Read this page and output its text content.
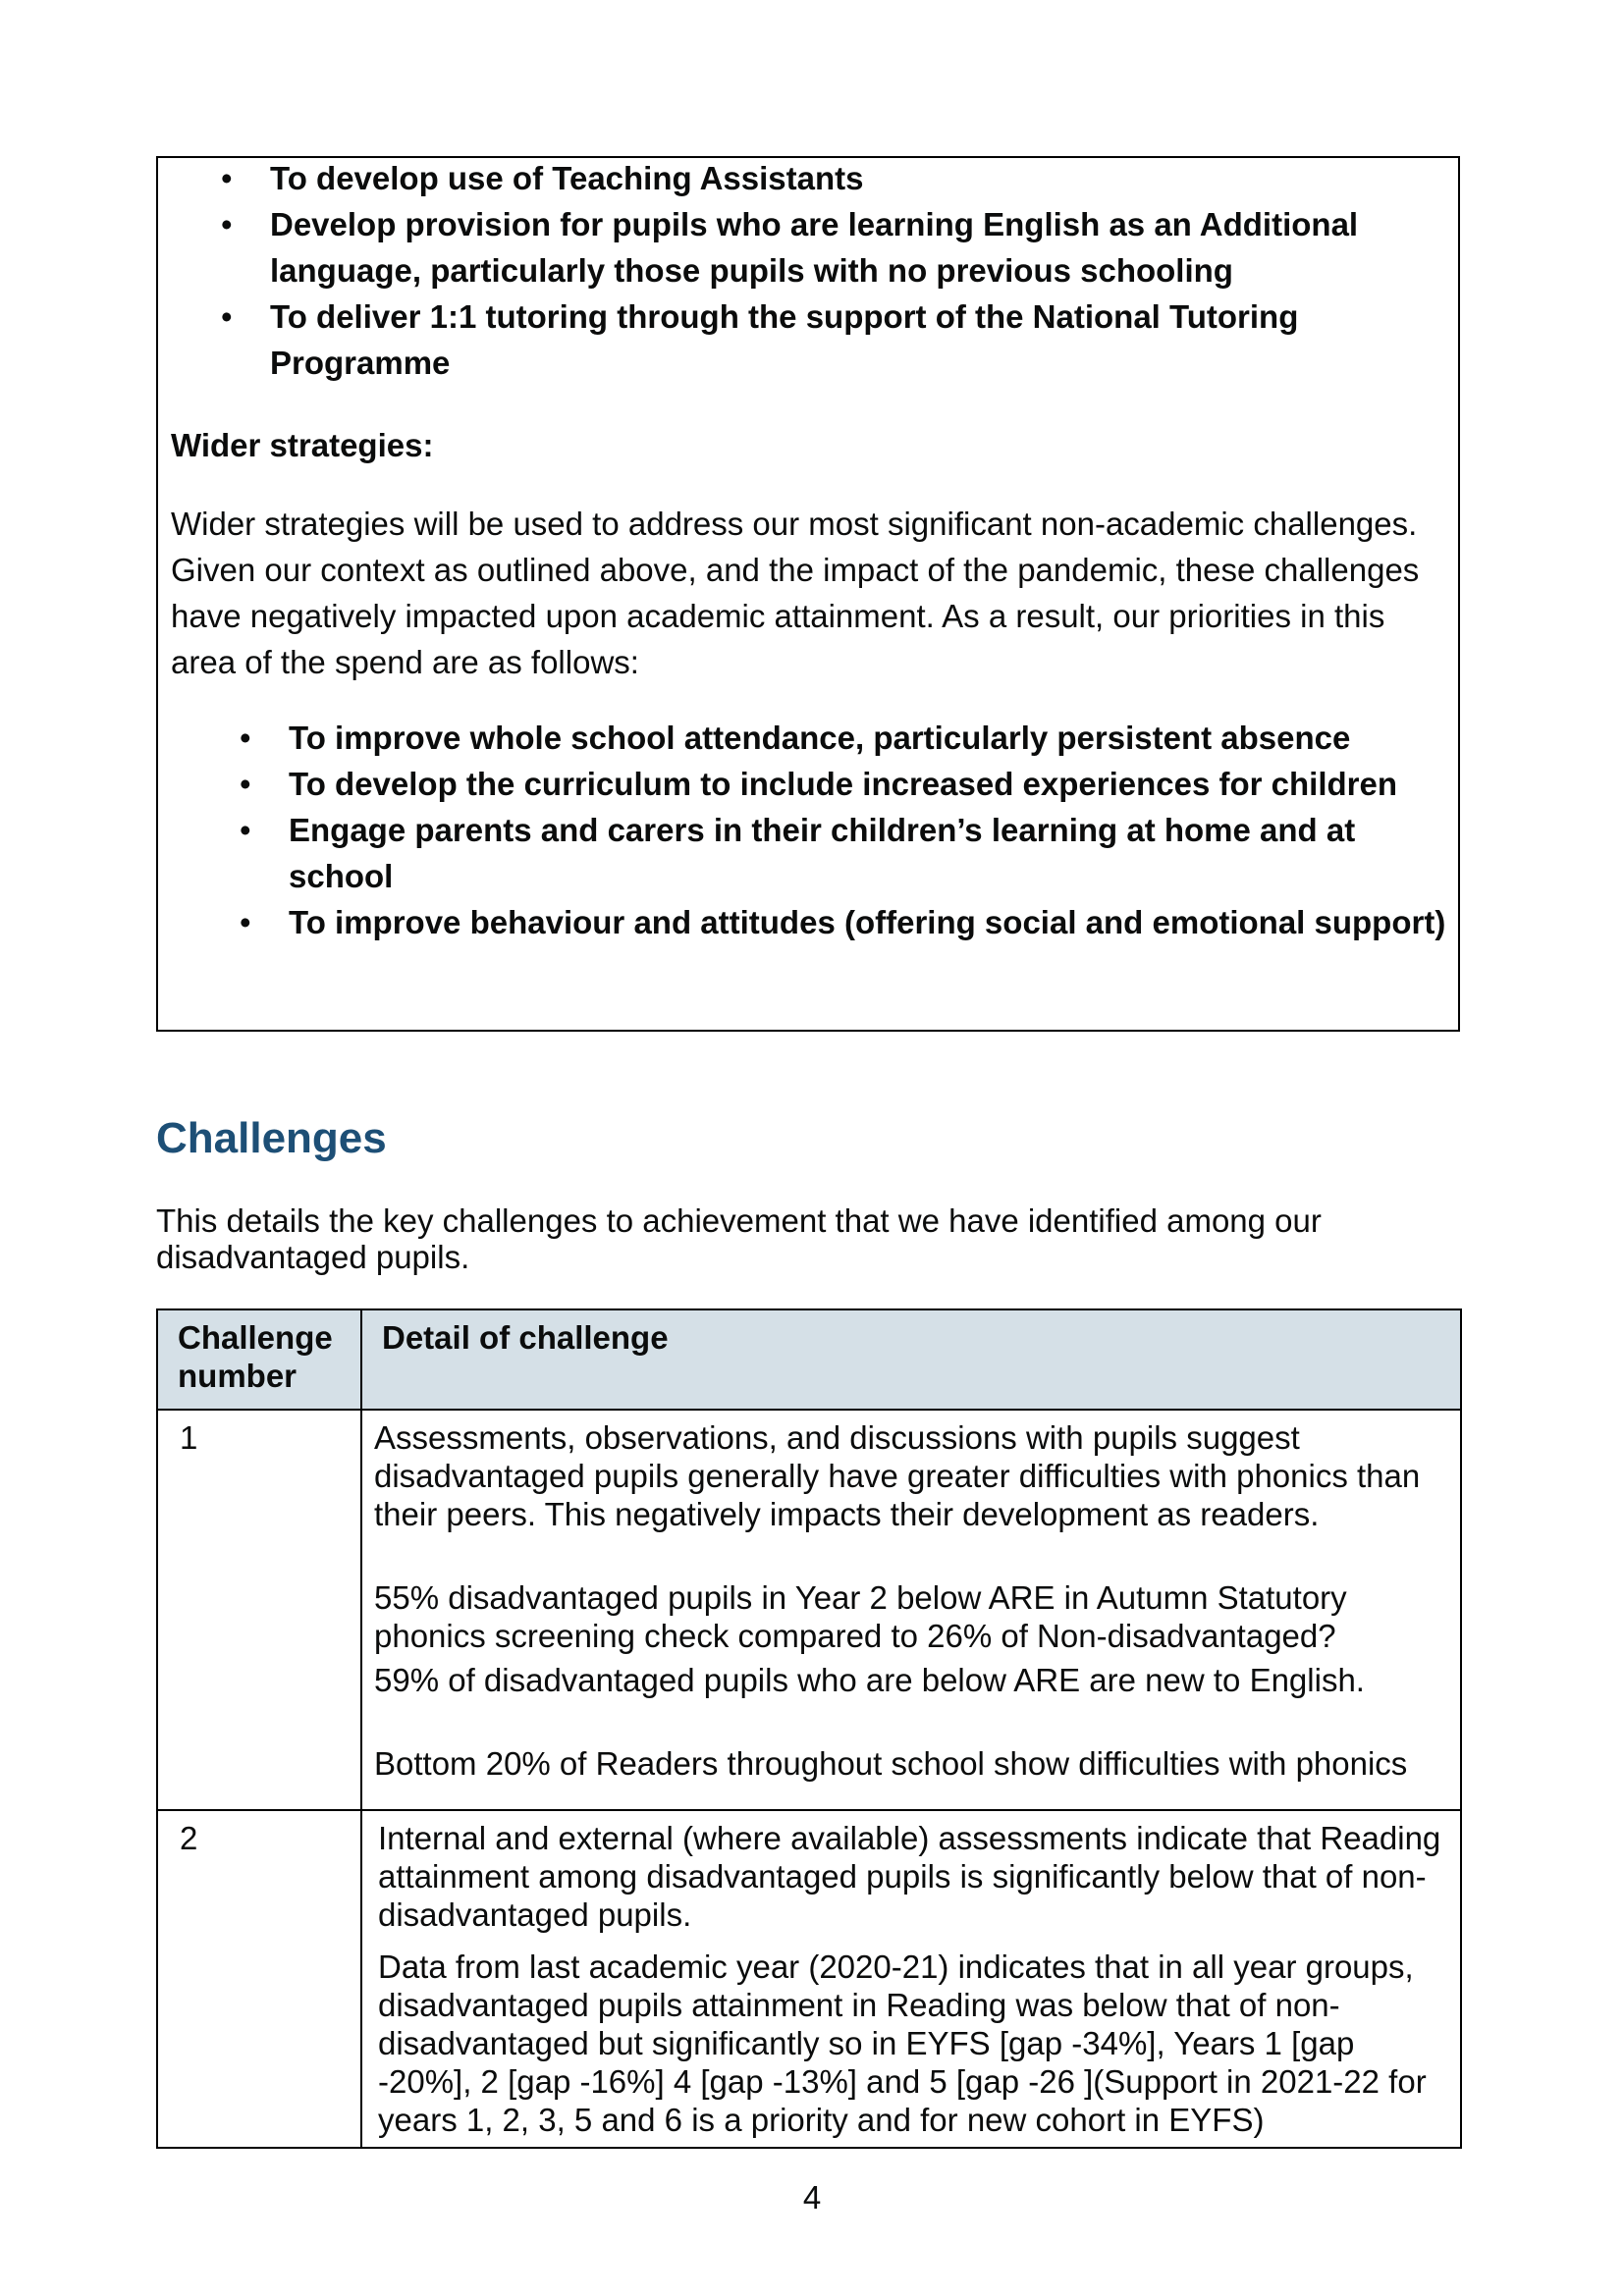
• To develop use of Teaching Assistants
• Develop provision for pupils who are learning English as an Additional language, particularly those pupils with no previous schooling
• To deliver 1:1 tutoring through the support of the National Tutoring Programme
Wider strategies:
Wider strategies will be used to address our most significant non-academic challenges. Given our context as outlined above, and the impact of the pandemic, these challenges have negatively impacted upon academic attainment. As a result, our priorities in this area of the spend are as follows:
• To improve whole school attendance, particularly persistent absence
• To develop the curriculum to include increased experiences for children
• Engage parents and carers in their children’s learning at home and at school
• To improve behaviour and attitudes (offering social and emotional support)
Challenges
This details the key challenges to achievement that we have identified among our disadvantaged pupils.
Challenge number	Detail of challenge
1	Assessments, observations, and discussions with pupils suggest disadvantaged pupils generally have greater difficulties with phonics than their peers. This negatively impacts their development as readers.

55% disadvantaged pupils in Year 2 below ARE in Autumn Statutory phonics screening check compared to 26% of Non-disadvantaged?

59% of disadvantaged pupils who are below ARE are new to English.

Bottom 20% of Readers throughout school show difficulties with phonics

2	Internal and external (where available) assessments indicate that Reading attainment among disadvantaged pupils is significantly below that of non-disadvantaged pupils.

Data from last academic year (2020-21) indicates that in all year groups, disadvantaged pupils attainment in Reading was below that of non-disadvantaged but significantly so in EYFS [gap -34%], Years 1 [gap -20%], 2 [gap -16%] 4 [gap -13%] and 5 [gap -26 ](Support in 2021-22 for years 1, 2, 3, 5 and 6 is a priority and for new cohort in EYFS)

4
